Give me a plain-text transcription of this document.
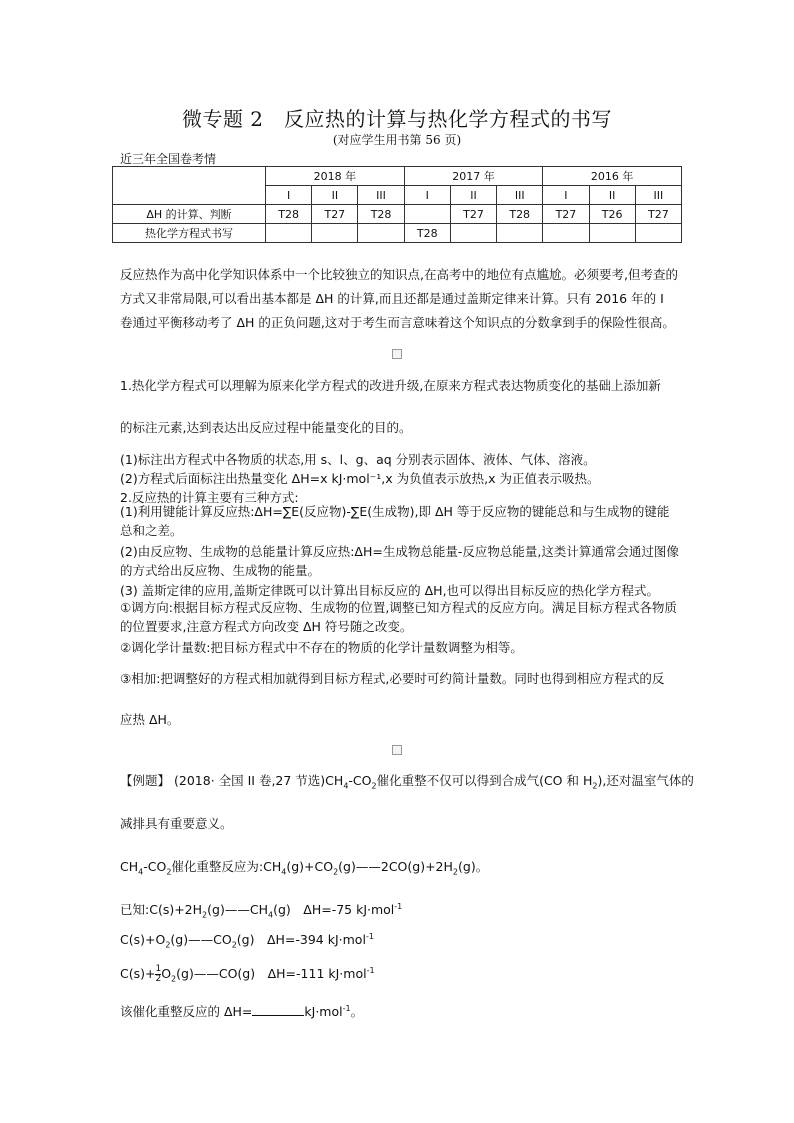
微专题 2　反应热的计算与热化学方程式的书写
(对应学生用书第 56 页)
近三年全国卷考情
	2018 年			2017 年			2016 年		
	I	II	III	I	II	III	I	II	III
ΔH 的计算、判断	T28	T27	T28		T27	T28	T27	T26	T27
热化学方程式书写				T28					
反应热作为高中化学知识体系中一个比较独立的知识点,在高考中的地位有点尴尬。必须要考,但考查的方式又非常局限,可以看出基本都是 ΔH 的计算,而且还都是通过盖斯定律来计算。只有 2016 年的 I 卷通过平衡移动考了 ΔH 的正负问题,这对于考生而言意味着这个知识点的分数拿到手的保险性很高。
1.热化学方程式可以理解为原来化学方程式的改进升级,在原来方程式表达物质变化的基础上添加新
的标注元素,达到表达出反应过程中能量变化的目的。
(1)标注出方程式中各物质的状态,用 s、l、g、aq 分别表示固体、液体、气体、溶液。
(2)方程式后面标注出热量变化 ΔH=x kJ·mol⁻¹,x 为负值表示放热,x 为正值表示吸热。
2.反应热的计算主要有三种方式:
(1)利用键能计算反应热:ΔH=∑E(反应物)-∑E(生成物),即 ΔH 等于反应物的键能总和与生成物的键能总和之差。
(2)由反应物、生成物的总能量计算反应热:ΔH=生成物总能量-反应物总能量,这类计算通常会通过图像的方式给出反应物、生成物的能量。
(3) 盖斯定律的应用,盖斯定律既可以计算出目标反应的 ΔH,也可以得出目标反应的热化学方程式。
①调方向:根据目标方程式反应物、生成物的位置,调整已知方程式的反应方向。满足目标方程式各物质的位置要求,注意方程式方向改变 ΔH 符号随之改变。
②调化学计量数:把目标方程式中不存在的物质的化学计量数调整为相等。
③相加:把调整好的方程式相加就得到目标方程式,必要时可约简计量数。同时也得到相应方程式的反
应热 ΔH。
【例题】 (2018· 全国 II 卷,27 节选)$CH_4-CO_2$催化重整不仅可以得到合成气(CO 和 $H_2$),还对温室气体的
减排具有重要意义。
$CH_4-CO_2$催化重整反应为$:CH_4(g)+CO_2(g)——2CO(g)+2H_2(g)$。
已知$:C(s)+2H_2(g)——CH_4(g)$　ΔH=-75 kJ·mol$^{-1}$
$C(s)+O_2(g)——CO_2(g)$　ΔH=-394 kJ·mol$^{-1}$
$C(s)+ \frac{1}{2}$ $O_2(g)——CO(g)$　ΔH=-111 kJ·mol$^{-1}$
该催化重整反应的 ΔH=	kJ·mol$^{-1}$。
